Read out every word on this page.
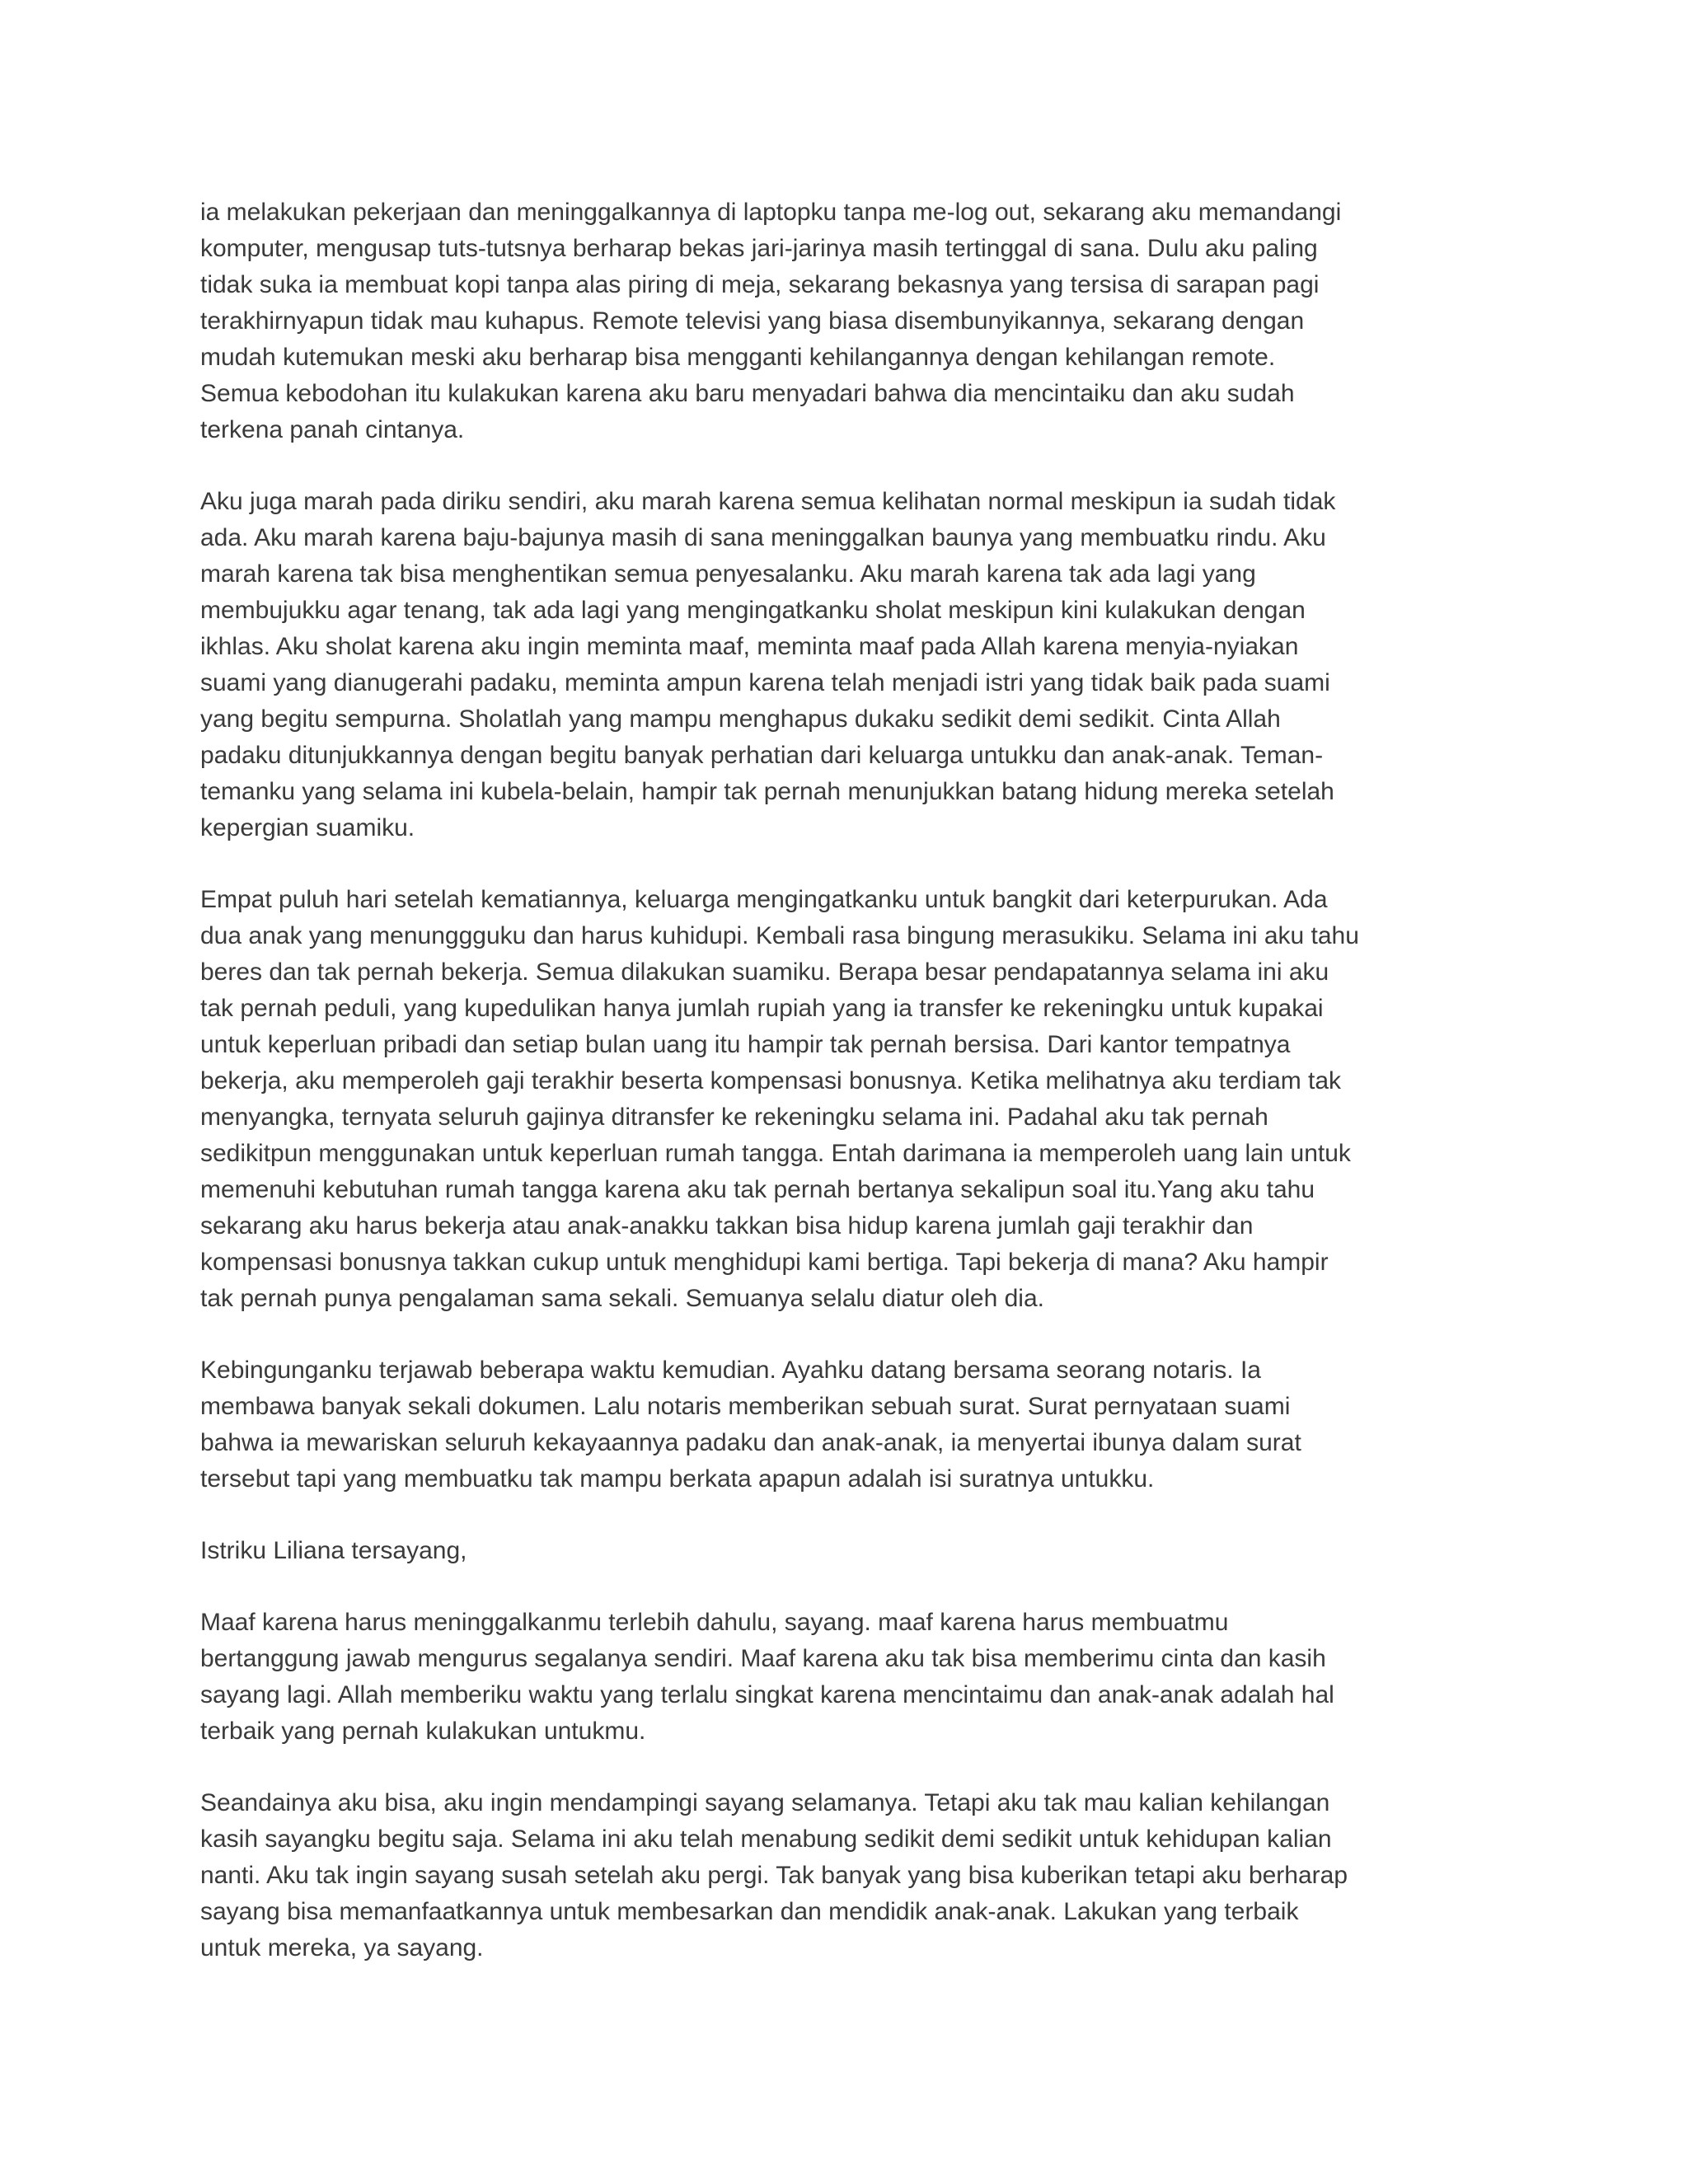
ia melakukan pekerjaan dan meninggalkannya di laptopku tanpa me-log out, sekarang aku memandangi
komputer, mengusap tuts-tutsnya berharap bekas jari-jarinya masih tertinggal di sana. Dulu aku paling
tidak suka ia membuat kopi tanpa alas piring di meja, sekarang bekasnya yang tersisa di sarapan pagi
terakhirnyapun tidak mau kuhapus. Remote televisi yang biasa disembunyikannya, sekarang dengan
mudah kutemukan meski aku berharap bisa mengganti kehilangannya dengan kehilangan remote.
Semua kebodohan itu kulakukan karena aku baru menyadari bahwa dia mencintaiku dan aku sudah
terkena panah cintanya.
Aku juga marah pada diriku sendiri, aku marah karena semua kelihatan normal meskipun ia sudah tidak
ada. Aku marah karena baju-bajunya masih di sana meninggalkan baunya yang membuatku rindu. Aku
marah karena tak bisa menghentikan semua penyesalanku. Aku marah karena tak ada lagi yang
membujukku agar tenang, tak ada lagi yang mengingatkanku sholat meskipun kini kulakukan dengan
ikhlas. Aku sholat karena aku ingin meminta maaf, meminta maaf pada Allah karena menyia-nyiakan
suami yang dianugerahi padaku, meminta ampun karena telah menjadi istri yang tidak baik pada suami
yang begitu sempurna. Sholatlah yang mampu menghapus dukaku sedikit demi sedikit. Cinta Allah
padaku ditunjukkannya dengan begitu banyak perhatian dari keluarga untukku dan anak-anak. Teman-
temanku yang selama ini kubela-belain, hampir tak pernah menunjukkan batang hidung mereka setelah
kepergian suamiku.
Empat puluh hari setelah kematiannya, keluarga mengingatkanku untuk bangkit dari keterpurukan. Ada
dua anak yang menunggguku dan harus kuhidupi. Kembali rasa bingung merasukiku. Selama ini aku tahu
beres dan tak pernah bekerja. Semua dilakukan suamiku. Berapa besar pendapatannya selama ini aku
tak pernah peduli, yang kupedulikan hanya jumlah rupiah yang ia transfer ke rekeningku untuk kupakai
untuk keperluan pribadi dan setiap bulan uang itu hampir tak pernah bersisa. Dari kantor tempatnya
bekerja, aku memperoleh gaji terakhir beserta kompensasi bonusnya. Ketika melihatnya aku terdiam tak
menyangka, ternyata seluruh gajinya ditransfer ke rekeningku selama ini. Padahal aku tak pernah
sedikitpun menggunakan untuk keperluan rumah tangga. Entah darimana ia memperoleh uang lain untuk
memenuhi kebutuhan rumah tangga karena aku tak pernah bertanya sekalipun soal itu.Yang aku tahu
sekarang aku harus bekerja atau anak-anakku takkan bisa hidup karena jumlah gaji terakhir dan
kompensasi bonusnya takkan cukup untuk menghidupi kami bertiga. Tapi bekerja di mana? Aku hampir
tak pernah punya pengalaman sama sekali. Semuanya selalu diatur oleh dia.
Kebingunganku terjawab beberapa waktu kemudian. Ayahku datang bersama seorang notaris. Ia
membawa banyak sekali dokumen. Lalu notaris memberikan sebuah surat. Surat pernyataan suami
bahwa ia mewariskan seluruh kekayaannya padaku dan anak-anak, ia menyertai ibunya dalam surat
tersebut tapi yang membuatku tak mampu berkata apapun adalah isi suratnya untukku.
Istriku Liliana tersayang,
Maaf karena harus meninggalkanmu terlebih dahulu, sayang. maaf karena harus membuatmu
bertanggung jawab mengurus segalanya sendiri. Maaf karena aku tak bisa memberimu cinta dan kasih
sayang lagi. Allah memberiku waktu yang terlalu singkat karena mencintaimu dan anak-anak adalah hal
terbaik yang pernah kulakukan untukmu.
Seandainya aku bisa, aku ingin mendampingi sayang selamanya. Tetapi aku tak mau kalian kehilangan
kasih sayangku begitu saja. Selama ini aku telah menabung sedikit demi sedikit untuk kehidupan kalian
nanti. Aku tak ingin sayang susah setelah aku pergi. Tak banyak yang bisa kuberikan tetapi aku berharap
sayang bisa memanfaatkannya untuk membesarkan dan mendidik anak-anak. Lakukan yang terbaik
untuk mereka, ya sayang.
